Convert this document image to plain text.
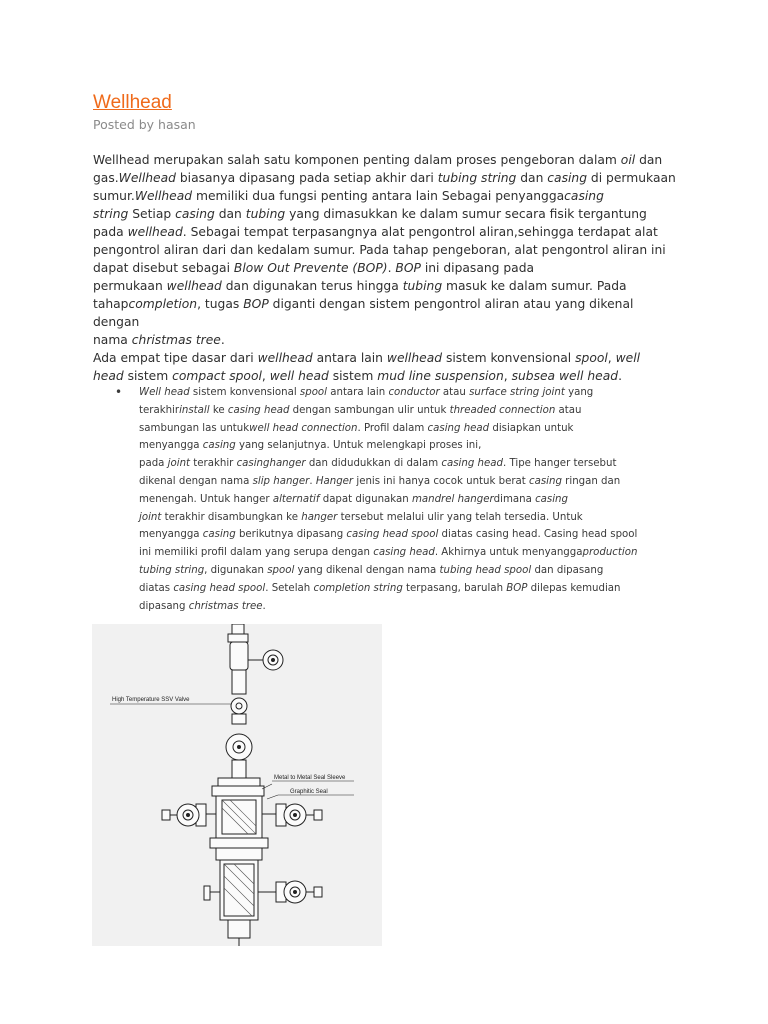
Wellhead
Posted by hasan

Wellhead merupakan salah satu komponen penting dalam proses pengeboran dalam oil dan
gas.Wellhead biasanya dipasang pada setiap akhir dari tubing string dan casing di permukaan
sumur.Wellhead memiliki dua fungsi penting antara lain Sebagai penyanggacasing
string Setiap casing dan tubing yang dimasukkan ke dalam sumur secara fisik tergantung
pada wellhead. Sebagai tempat terpasangnya alat pengontrol aliran,sehingga terdapat alat
pengontrol aliran dari dan kedalam sumur. Pada tahap pengeboran, alat pengontrol aliran ini
dapat disebut sebagai Blow Out Prevente (BOP). BOP ini dipasang pada
permukaan wellhead dan digunakan terus hingga tubing masuk ke dalam sumur. Pada
tahapcompletion, tugas BOP diganti dengan sistem pengontrol aliran atau yang dikenal dengan
nama christmas tree.

Ada empat tipe dasar dari wellhead antara lain wellhead sistem konvensional spool, well
head sistem compact spool, well head sistem mud line suspension, subsea well head.

• Well head sistem konvensional spool antara lain conductor atau surface string joint yang
terakhirinstall ke casing head dengan sambungan ulir untuk threaded connection atau
sambungan las untukwell head connection. Profil dalam casing head disiapkan untuk
menyangga casing yang selanjutnya. Untuk melengkapi proses ini,
pada joint terakhir casinghanger dan didudukkan di dalam casing head. Tipe hanger tersebut
dikenal dengan nama slip hanger. Hanger jenis ini hanya cocok untuk berat casing ringan dan
menengah. Untuk hanger alternatif dapat digunakan mandrel hangerdimana casing
joint terakhir disambungkan ke hanger tersebut melalui ulir yang telah tersedia. Untuk
menyangga casing berikutnya dipasang casing head spool diatas casing head. Casing head spool
ini memiliki profil dalam yang serupa dengan casing head. Akhirnya untuk menyanggaproduction
tubing string, digunakan spool yang dikenal dengan nama tubing head spool dan dipasang
diatas casing head spool. Setelah completion string terpasang, barulah BOP dilepas kemudian
dipasang christmas tree.
High Temperature SSV Valve
Metal to Metal Seal Sleeve
Graphitic Seal
